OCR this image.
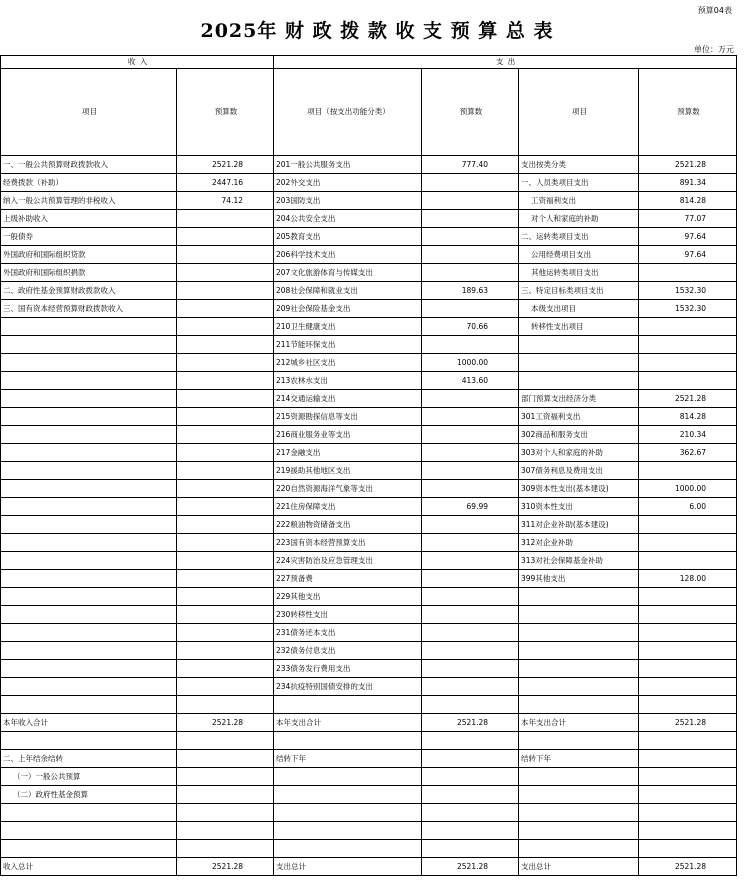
预算04表
2025年 财 政 拨 款 收 支 预 算 总 表
单位：万元
收 入		支 出			
项目	预算数	项目（按支出功能分类）	预算数	项目	预算数
一、一般公共预算财政拨款收入	2521.28	201一般公共服务支出	777.40	支出按类分类	2521.28
经费拨款（补助）	2447.16	202外交支出		一、人员类项目支出	891.34
纳入一般公共预算管理的非税收入	74.12	203国防支出		工资福利支出	814.28
上级补助收入		204公共安全支出		对个人和家庭的补助	77.07
一般债券		205教育支出		二、运转类项目支出	97.64
外国政府和国际组织贷款		206科学技术支出		公用经费项目支出	97.64
外国政府和国际组织捐款		207文化旅游体育与传媒支出		其他运转类项目支出	
二、政府性基金预算财政拨款收入		208社会保障和就业支出	189.63	三、特定目标类项目支出	1532.30
三、国有资本经营预算财政拨款收入		209社会保险基金支出		本级支出项目	1532.30
		210卫生健康支出	70.66	转移性支出项目	
		211节能环保支出			
		212城乡社区支出	1000.00		
		213农林水支出	413.60		
		214交通运输支出		部门预算支出经济分类	2521.28
		215资源勘探信息等支出		301工资福利支出	814.28
		216商业服务业等支出		302商品和服务支出	210.34
		217金融支出		303对个人和家庭的补助	362.67
		219援助其他地区支出		307债务利息及费用支出	
		220自然资源海洋气象等支出		309资本性支出(基本建设)	1000.00
		221住房保障支出	69.99	310资本性支出	6.00
		222粮油物资储备支出		311对企业补助(基本建设)	
		223国有资本经营预算支出		312对企业补助	
		224灾害防治及应急管理支出		313对社会保障基金补助	
		227预备费		399其他支出	128.00
		229其他支出			
		230转移性支出			
		231债务还本支出			
		232债务付息支出			
		233债务发行费用支出			
		234抗疫特别国债安排的支出			

本年收入合计	2521.28	本年支出合计	2521.28	本年支出合计	2521.28

二、上年结余结转		结转下年		结转下年	
（一）一般公共预算					
（二）政府性基金预算					

收入总计	2521.28	支出总计	2521.28	支出总计	2521.28
